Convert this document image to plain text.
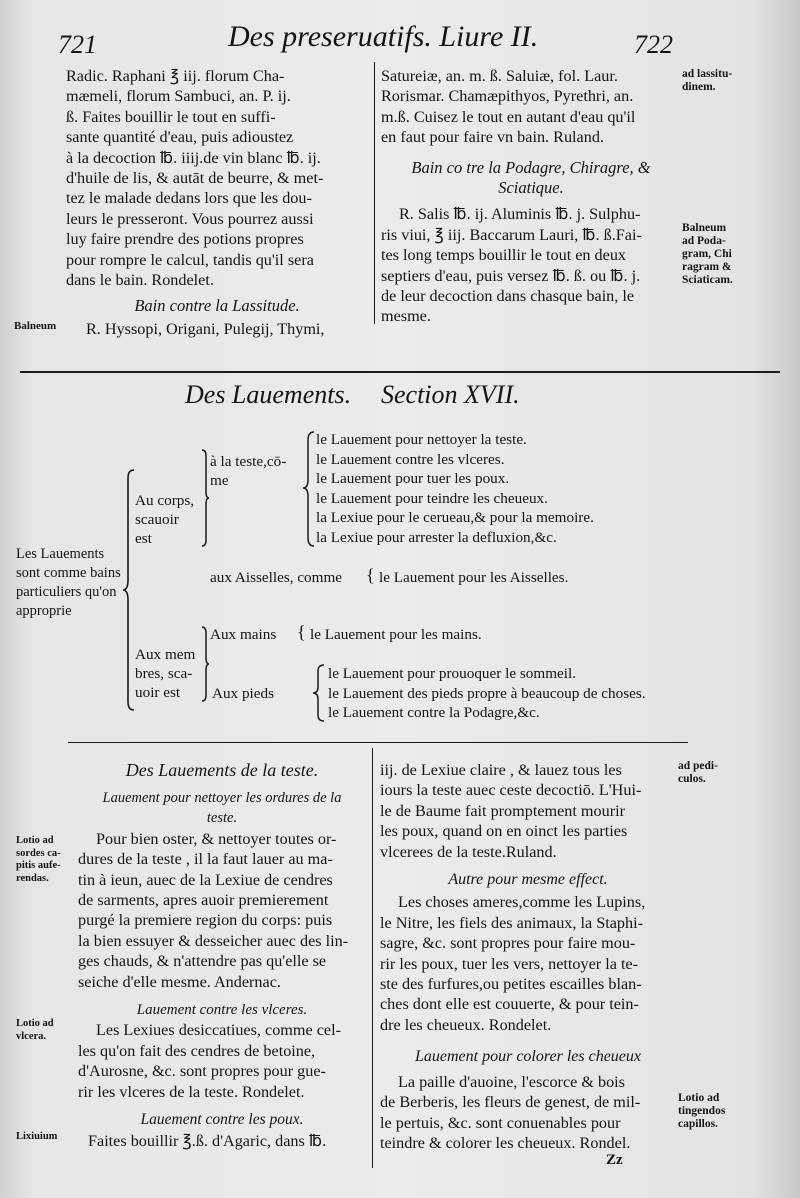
721	Des preseruatifs. Liure II.	722
Radic. Raphani ℥ iij. florum Cha-
mæmeli, florum Sambuci, an. P. ij.
ß. Faites bouillir le tout en suffi-
sante quantité d'eau, puis adioustez
à la decoction ℔. iiij.de vin blanc ℔. ij.
d'huile de lis, & autāt de beurre, & met-
tez le malade dedans lors que les dou-
leurs le presseront. Vous pourrez aussi
luy faire prendre des potions propres
pour rompre le calcul, tandis qu'il sera
dans le bain. Rondelet.
Bain contre la Lassitude.
R. Hyssopi, Origani, Pulegij, Thymi,
Balneum
Satureiæ, an. m. ß. Saluiæ, fol. Laur.
Rorismar. Chamæpithyos, Pyrethri, an.
m.ß. Cuisez le tout en autant d'eau qu'il
en faut pour faire vn bain. Ruland.
Bain co tre la Podagre, Chiragre, &
Sciatique.
R. Salis ℔. ij. Aluminis ℔. j. Sulphu-
ris viui, ℥ iij. Baccarum Lauri, ℔. ß.Fai-
tes long temps bouillir le tout en deux
septiers d'eau, puis versez ℔. ß. ou ℔. j.
de leur decoction dans chasque bain, le
mesme.
ad lassitu-
dinem.
Balneum
ad Poda-
gram, Chi
ragram &
Sciaticam.
Des Lauements. Section XVII.
Les Lauements
sont comme bains
particuliers qu'on
approprie
Au corps,
scauoir
est
à la teste,cō-
me
le Lauement pour nettoyer la teste.
le Lauement contre les vlceres.
le Lauement pour tuer les poux.
le Lauement pour teindre les cheueux.
la Lexiue pour le cerueau,& pour la memoire.
la Lexiue pour arrester la defluxion,&c.
aux Aisselles, comme { le Lauement pour les Aisselles.
Aux mem
bres, sca-
uoir est
Aux mains { le Lauement pour les mains.
Aux pieds
le Lauement pour prouoquer le sommeil.
le Lauement des pieds propre à beaucoup de choses.
le Lauement contre la Podagre,&c.
Des Lauements de la teste.
Lauement pour nettoyer les ordures de la
teste.
Pour bien oster, & nettoyer toutes or-
dures de la teste , il la faut lauer au ma-
tin à ieun, auec de la Lexiue de cendres
de sarments, apres auoir premierement
purgé la premiere region du corps: puis
la bien essuyer & desseicher auec des lin-
ges chauds, & n'attendre pas qu'elle se
seiche d'elle mesme. Andernac.
Lauement contre les vlceres.
Les Lexiues desiccatiues, comme cel-
les qu'on fait des cendres de betoine,
d'Aurosne, &c. sont propres pour gue-
rir les vlceres de la teste. Rondelet.
Lauement contre les poux.
Faites bouillir ℥.ß. d'Agaric, dans ℔.
Lotio ad
sordes ca-
pitis aufe-
rendas.
Lotio ad
vlcera.
Lixiuium
iij. de Lexiue claire , & lauez tous les
iours la teste auec ceste decoctiō. L'Hui-
le de Baume fait promptement mourir
les poux, quand on en oinct les parties
vlcerees de la teste.Ruland.
Autre pour mesme effect.
Les choses ameres,comme les Lupins,
le Nitre, les fiels des animaux, la Staphi-
sagre, &c. sont propres pour faire mou-
rir les poux, tuer les vers, nettoyer la te-
ste des furfures,ou petites escailles blan-
ches dont elle est couuerte, & pour tein-
dre les cheueux. Rondelet.
Lauement pour colorer les cheueux
La paille d'auoine, l'escorce & bois
de Berberis, les fleurs de genest, de mil-
le pertuis, &c. sont conuenables pour
teindre & colorer les cheueux. Rondel.
Zz
ad pedi-
culos.
Lotio ad
tingendos
capillos.
